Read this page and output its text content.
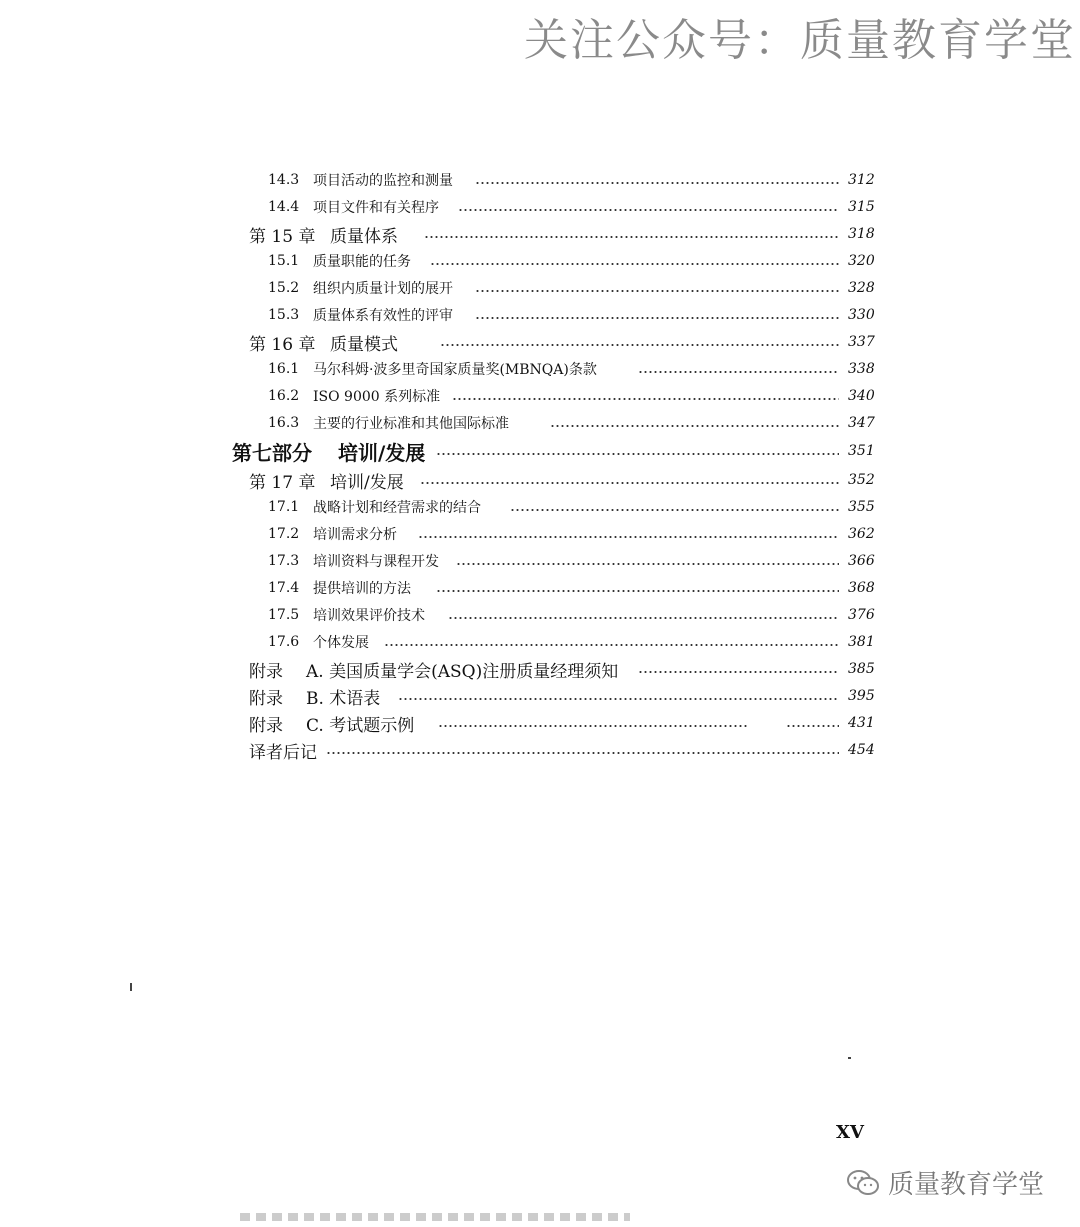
关注公众号：质量教育学堂
14.3 项目活动的监控和测量	312
14.4 项目文件和有关程序	315
第 15 章 质量体系	318
15.1 质量职能的任务	320
15.2 组织内质量计划的展开	328
15.3 质量体系有效性的评审	330
第 16 章 质量模式	337
16.1 马尔科姆·波多里奇国家质量奖(MBNQA)条款	338
16.2 ISO 9000 系列标准	340
16.3 主要的行业标准和其他国际标准	347
第七部分 培训/发展	351
第 17 章 培训/发展	352
17.1 战略计划和经营需求的结合	355
17.2 培训需求分析	362
17.3 培训资料与课程开发	366
17.4 提供培训的方法	368
17.5 培训效果评价技术	376
17.6 个体发展	381
附录 A. 美国质量学会(ASQ)注册质量经理须知	385
附录 B. 术语表	395
附录 C. 考试题示例	431
译者后记	454
XV
质量教育学堂
